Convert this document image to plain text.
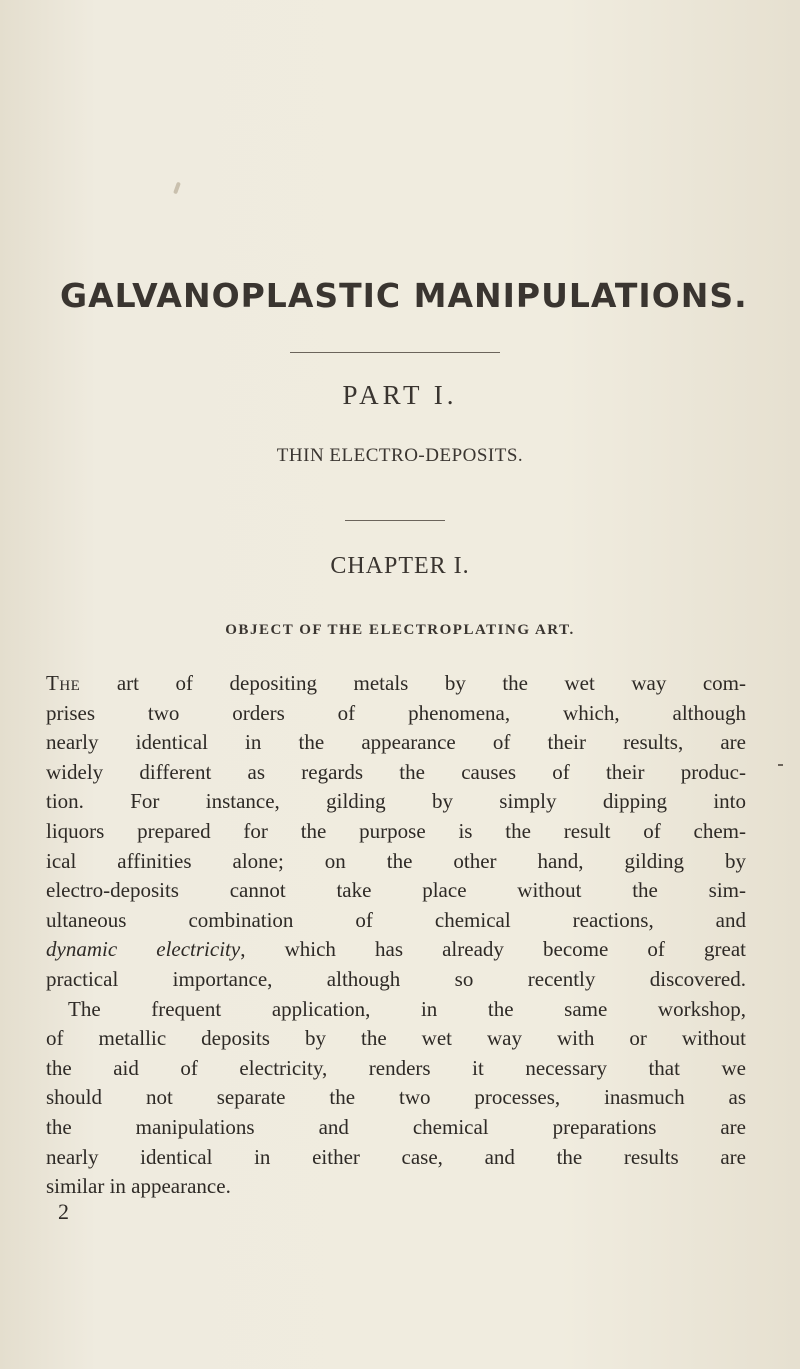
GALVANOPLASTIC MANIPULATIONS.
PART I.
THIN ELECTRO-DEPOSITS.
CHAPTER I.
OBJECT OF THE ELECTROPLATING ART.
The art of depositing metals by the wet way com-
prises two orders of phenomena, which, although
nearly identical in the appearance of their results, are
widely different as regards the causes of their produc-
tion. For instance, gilding by simply dipping into
liquors prepared for the purpose is the result of chem-
ical affinities alone; on the other hand, gilding by
electro-deposits cannot take place without the sim-
ultaneous combination of chemical reactions, and
dynamic electricity, which has already become of great
practical importance, although so recently discovered.
The frequent application, in the same workshop,
of metallic deposits by the wet way with or without
the aid of electricity, renders it necessary that we
should not separate the two processes, inasmuch as
the manipulations and chemical preparations are
nearly identical in either case, and the results are
similar in appearance.
2
